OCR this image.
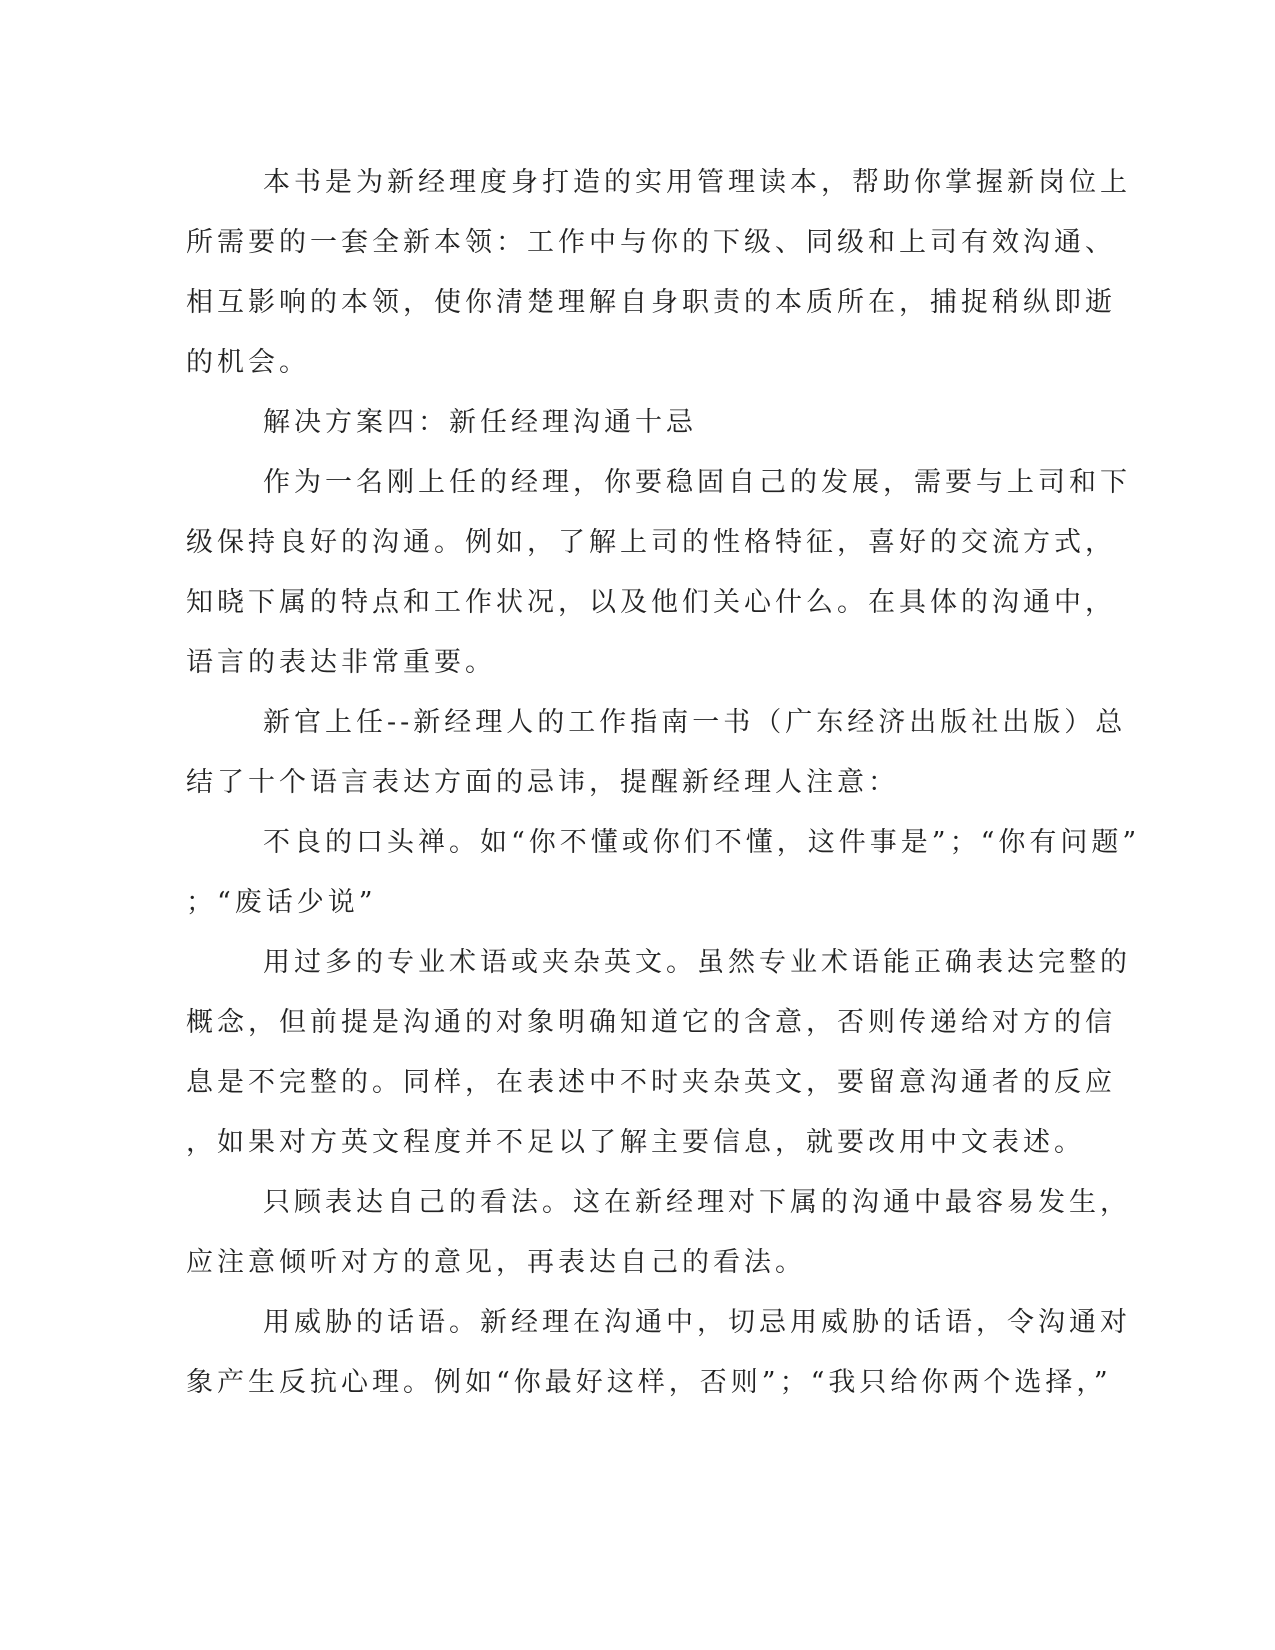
本书是为新经理度身打造的实用管理读本，帮助你掌握新岗位上
所需要的一套全新本领：工作中与你的下级、同级和上司有效沟通、
相互影响的本领，使你清楚理解自身职责的本质所在，捕捉稍纵即逝
的机会。
解决方案四：新任经理沟通十忌
作为一名刚上任的经理，你要稳固自己的发展，需要与上司和下
级保持良好的沟通。例如，了解上司的性格特征，喜好的交流方式，
知晓下属的特点和工作状况，以及他们关心什么。在具体的沟通中，
语言的表达非常重要。
新官上任--新经理人的工作指南一书（广东经济出版社出版）总
结了十个语言表达方面的忌讳，提醒新经理人注意：
不良的口头禅。如“你不懂或你们不懂，这件事是”；“你有问题”
；“废话少说”
用过多的专业术语或夹杂英文。虽然专业术语能正确表达完整的
概念，但前提是沟通的对象明确知道它的含意，否则传递给对方的信
息是不完整的。同样，在表述中不时夹杂英文，要留意沟通者的反应
，如果对方英文程度并不足以了解主要信息，就要改用中文表述。
只顾表达自己的看法。这在新经理对下属的沟通中最容易发生，
应注意倾听对方的意见，再表达自己的看法。
用威胁的话语。新经理在沟通中，切忌用威胁的话语，令沟通对
象产生反抗心理。例如“你最好这样，否则”；“我只给你两个选择，”
